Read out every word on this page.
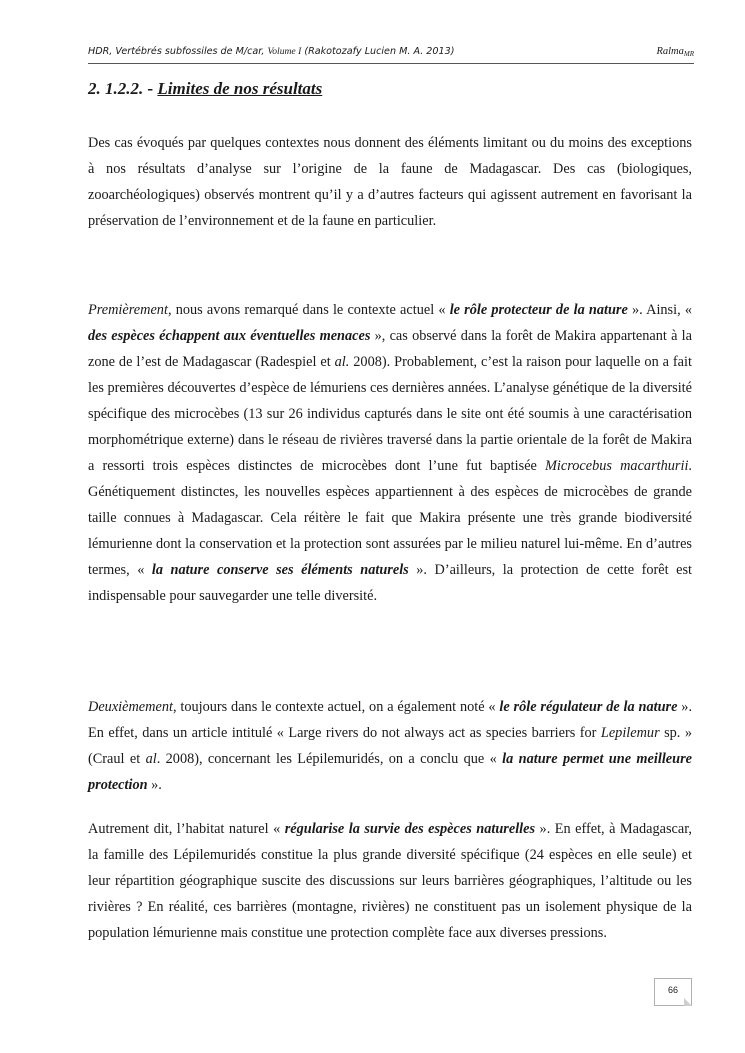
HDR, Vertébrés subfossiles de M/car, Volume I (Rakotozafy Lucien M. A. 2013)	Ralma$_{MR}$
2. 1.2.2. - Limites de nos résultats

Des cas évoqués par quelques contextes nous donnent des éléments limitant ou du moins des exceptions à nos résultats d’analyse sur l’origine de la faune de Madagascar. Des cas (biologiques, zooarchéologiques) observés montrent qu’il y a d’autres facteurs qui agissent autrement en favorisant la préservation de l’environnement et de la faune en particulier.

Premièrement, nous avons remarqué dans le contexte actuel « le rôle protecteur de la nature ». Ainsi, « des espèces échappent aux éventuelles menaces », cas observé dans la forêt de Makira appartenant à la zone de l’est de Madagascar (Radespiel et al. 2008). Probablement, c’est la raison pour laquelle on a fait les premières découvertes d’espèce de lémuriens ces dernières années. L’analyse génétique de la diversité spécifique des microcèbes (13 sur 26 individus capturés dans le site ont été soumis à une caractérisation morphométrique externe) dans le réseau de rivières traversé dans la partie orientale de la forêt de Makira a ressorti trois espèces distinctes de microcèbes dont l’une fut baptisée Microcebus macarthurii. Génétiquement distinctes, les nouvelles espèces appartiennent à des espèces de microcèbes de grande taille connues à Madagascar. Cela réitère le fait que Makira présente une très grande biodiversité lémurienne dont la conservation et la protection sont assurées par le milieu naturel lui-même. En d’autres termes, « la nature conserve ses éléments naturels ». D’ailleurs, la protection de cette forêt est indispensable pour sauvegarder une telle diversité.

Deuxièmement, toujours dans le contexte actuel, on a également noté « le rôle régulateur de la nature ». En effet, dans un article intitulé « Large rivers do not always act as species barriers for Lepilemur sp. » (Craul et al. 2008), concernant les Lépilemuridés, on a conclu que « la nature permet une meilleure protection ».

Autrement dit, l’habitat naturel « régularise la survie des espèces naturelles ». En effet, à Madagascar, la famille des Lépilemuridés constitue la plus grande diversité spécifique (24 espèces en elle seule) et leur répartition géographique suscite des discussions sur leurs barrières géographiques, l’altitude ou les rivières ? En réalité, ces barrières (montagne, rivières) ne constituent pas un isolement physique de la population lémurienne mais constitue une protection complète face aux diverses pressions.

66
